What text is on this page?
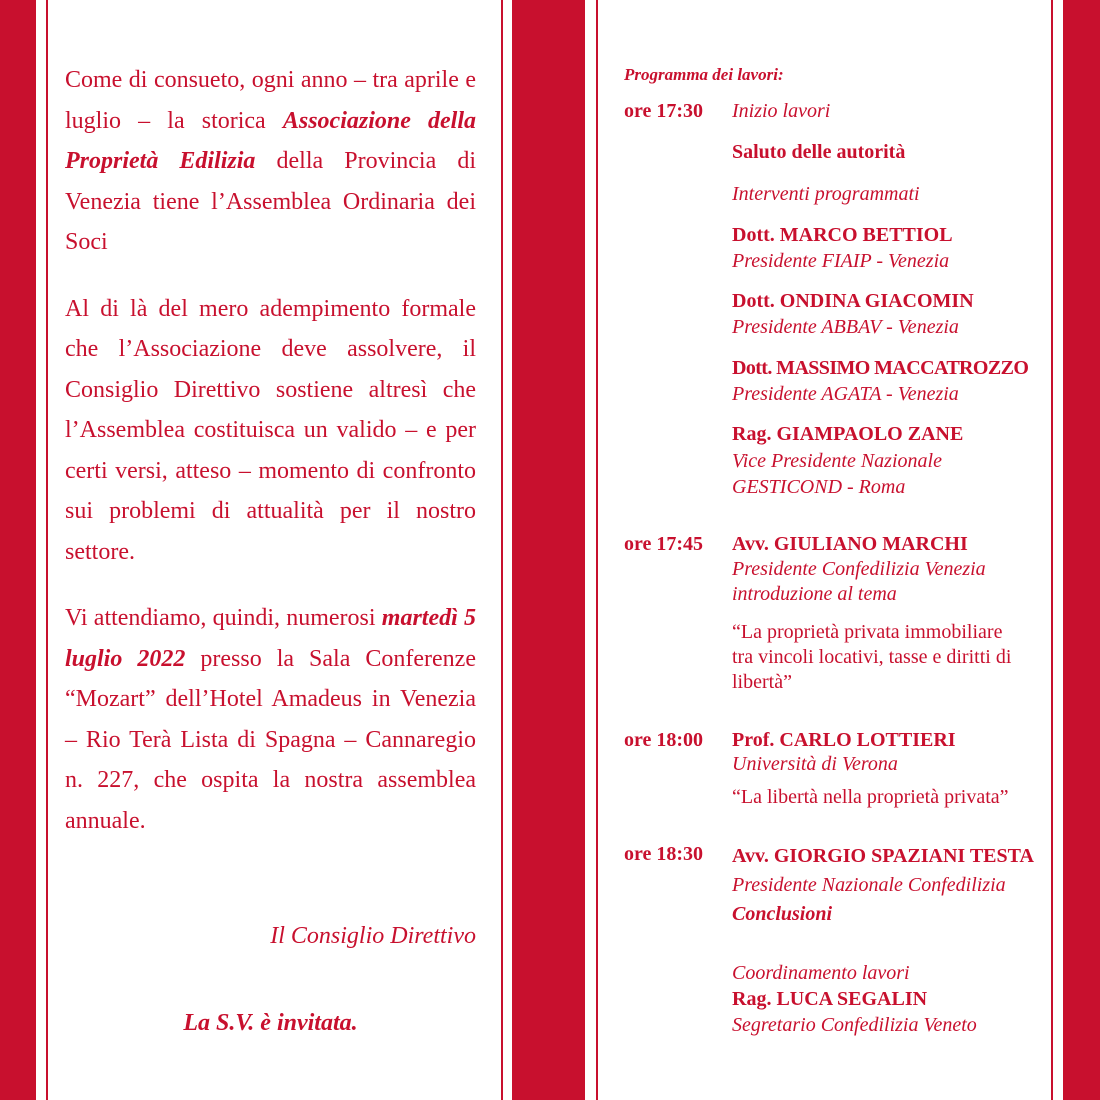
Come di consueto, ogni anno – tra aprile e luglio – la storica Associazione della Proprietà Edilizia della Provincia di Venezia tiene l’Assemblea Ordinaria dei Soci

Al di là del mero adempimento formale che l’Associazione deve assolvere, il Consiglio Direttivo sostiene altresì che l’Assemblea costituisca un valido – e per certi versi, atteso – momento di confronto sui problemi di attualità per il nostro settore.

Vi attendiamo, quindi, numerosi martedì 5 luglio 2022 presso la Sala Conferenze “Mozart” dell’Hotel Amadeus in Venezia – Rio Terà Lista di Spagna – Cannaregio n. 227, che ospita la nostra assemblea annuale.

Il Consiglio Direttivo
La S.V. è invitata.
Programma dei lavori:
ore 17:30 Inizio lavori
Saluto delle autorità
Interventi programmati
Dott. MARCO BETTIOL
Presidente FIAIP - Venezia
Dott. ONDINA GIACOMIN
Presidente ABBAV - Venezia
Dott. MASSIMO MACCATROZZO
Presidente AGATA - Venezia
Rag. GIAMPAOLO ZANE
Vice Presidente Nazionale
GESTICOND - Roma
ore 17:45 Avv. GIULIANO MARCHI
Presidente Confedilizia Venezia
introduzione al tema
“La proprietà privata immobiliare
tra vincoli locativi, tasse e diritti di
libertà”
ore 18:00 Prof. CARLO LOTTIERI
Università di Verona
“La libertà nella proprietà privata”
ore 18:30 Avv. GIORGIO SPAZIANI TESTA
Presidente Nazionale Confedilizia
Conclusioni
Coordinamento lavori
Rag. LUCA SEGALIN
Segretario Confedilizia Veneto
